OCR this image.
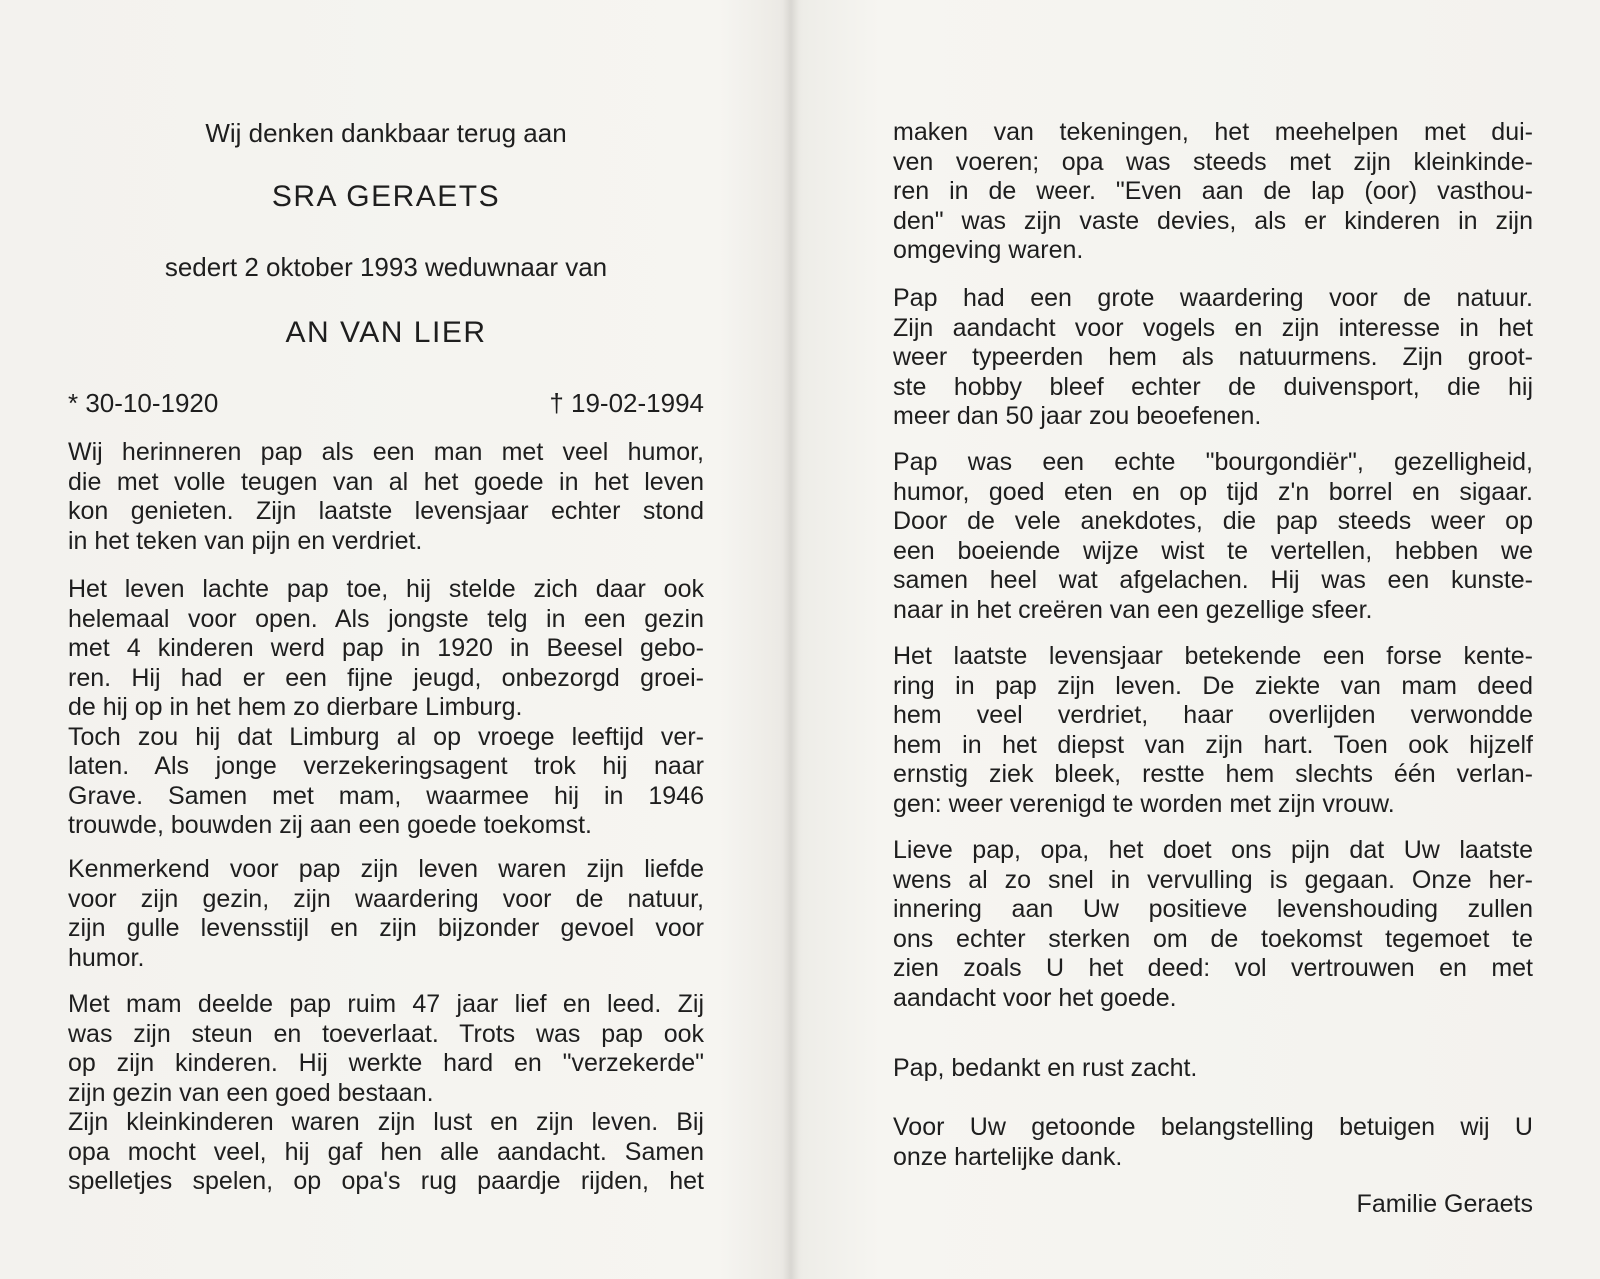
Wij denken dankbaar terug aan
SRA GERAETS
sedert 2 oktober 1993 weduwnaar van
AN VAN LIER
* 30-10-1920	† 19-02-1994
Wij herinneren pap als een man met veel humor,
die met volle teugen van al het goede in het leven
kon genieten. Zijn laatste levensjaar echter stond
in het teken van pijn en verdriet.
Het leven lachte pap toe, hij stelde zich daar ook
helemaal voor open. Als jongste telg in een gezin
met 4 kinderen werd pap in 1920 in Beesel gebo-
ren. Hij had er een fijne jeugd, onbezorgd groei-
de hij op in het hem zo dierbare Limburg.
Toch zou hij dat Limburg al op vroege leeftijd ver-
laten. Als jonge verzekeringsagent trok hij naar
Grave. Samen met mam, waarmee hij in 1946
trouwde, bouwden zij aan een goede toekomst.
Kenmerkend voor pap zijn leven waren zijn liefde
voor zijn gezin, zijn waardering voor de natuur,
zijn gulle levensstijl en zijn bijzonder gevoel voor
humor.
Met mam deelde pap ruim 47 jaar lief en leed. Zij
was zijn steun en toeverlaat. Trots was pap ook
op zijn kinderen. Hij werkte hard en "verzekerde"
zijn gezin van een goed bestaan.
Zijn kleinkinderen waren zijn lust en zijn leven. Bij
opa mocht veel, hij gaf hen alle aandacht. Samen
spelletjes spelen, op opa's rug paardje rijden, het
maken van tekeningen, het meehelpen met dui-
ven voeren; opa was steeds met zijn kleinkinde-
ren in de weer. "Even aan de lap (oor) vasthou-
den" was zijn vaste devies, als er kinderen in zijn
omgeving waren.
Pap had een grote waardering voor de natuur.
Zijn aandacht voor vogels en zijn interesse in het
weer typeerden hem als natuurmens. Zijn groot-
ste hobby bleef echter de duivensport, die hij
meer dan 50 jaar zou beoefenen.
Pap was een echte "bourgondiër", gezelligheid,
humor, goed eten en op tijd z'n borrel en sigaar.
Door de vele anekdotes, die pap steeds weer op
een boeiende wijze wist te vertellen, hebben we
samen heel wat afgelachen. Hij was een kunste-
naar in het creëren van een gezellige sfeer.
Het laatste levensjaar betekende een forse kente-
ring in pap zijn leven. De ziekte van mam deed
hem veel verdriet, haar overlijden verwondde
hem in het diepst van zijn hart. Toen ook hijzelf
ernstig ziek bleek, restte hem slechts één verlan-
gen: weer verenigd te worden met zijn vrouw.
Lieve pap, opa, het doet ons pijn dat Uw laatste
wens al zo snel in vervulling is gegaan. Onze her-
innering aan Uw positieve levenshouding zullen
ons echter sterken om de toekomst tegemoet te
zien zoals U het deed: vol vertrouwen en met
aandacht voor het goede.
Pap, bedankt en rust zacht.
Voor Uw getoonde belangstelling betuigen wij U
onze hartelijke dank.
Familie Geraets
